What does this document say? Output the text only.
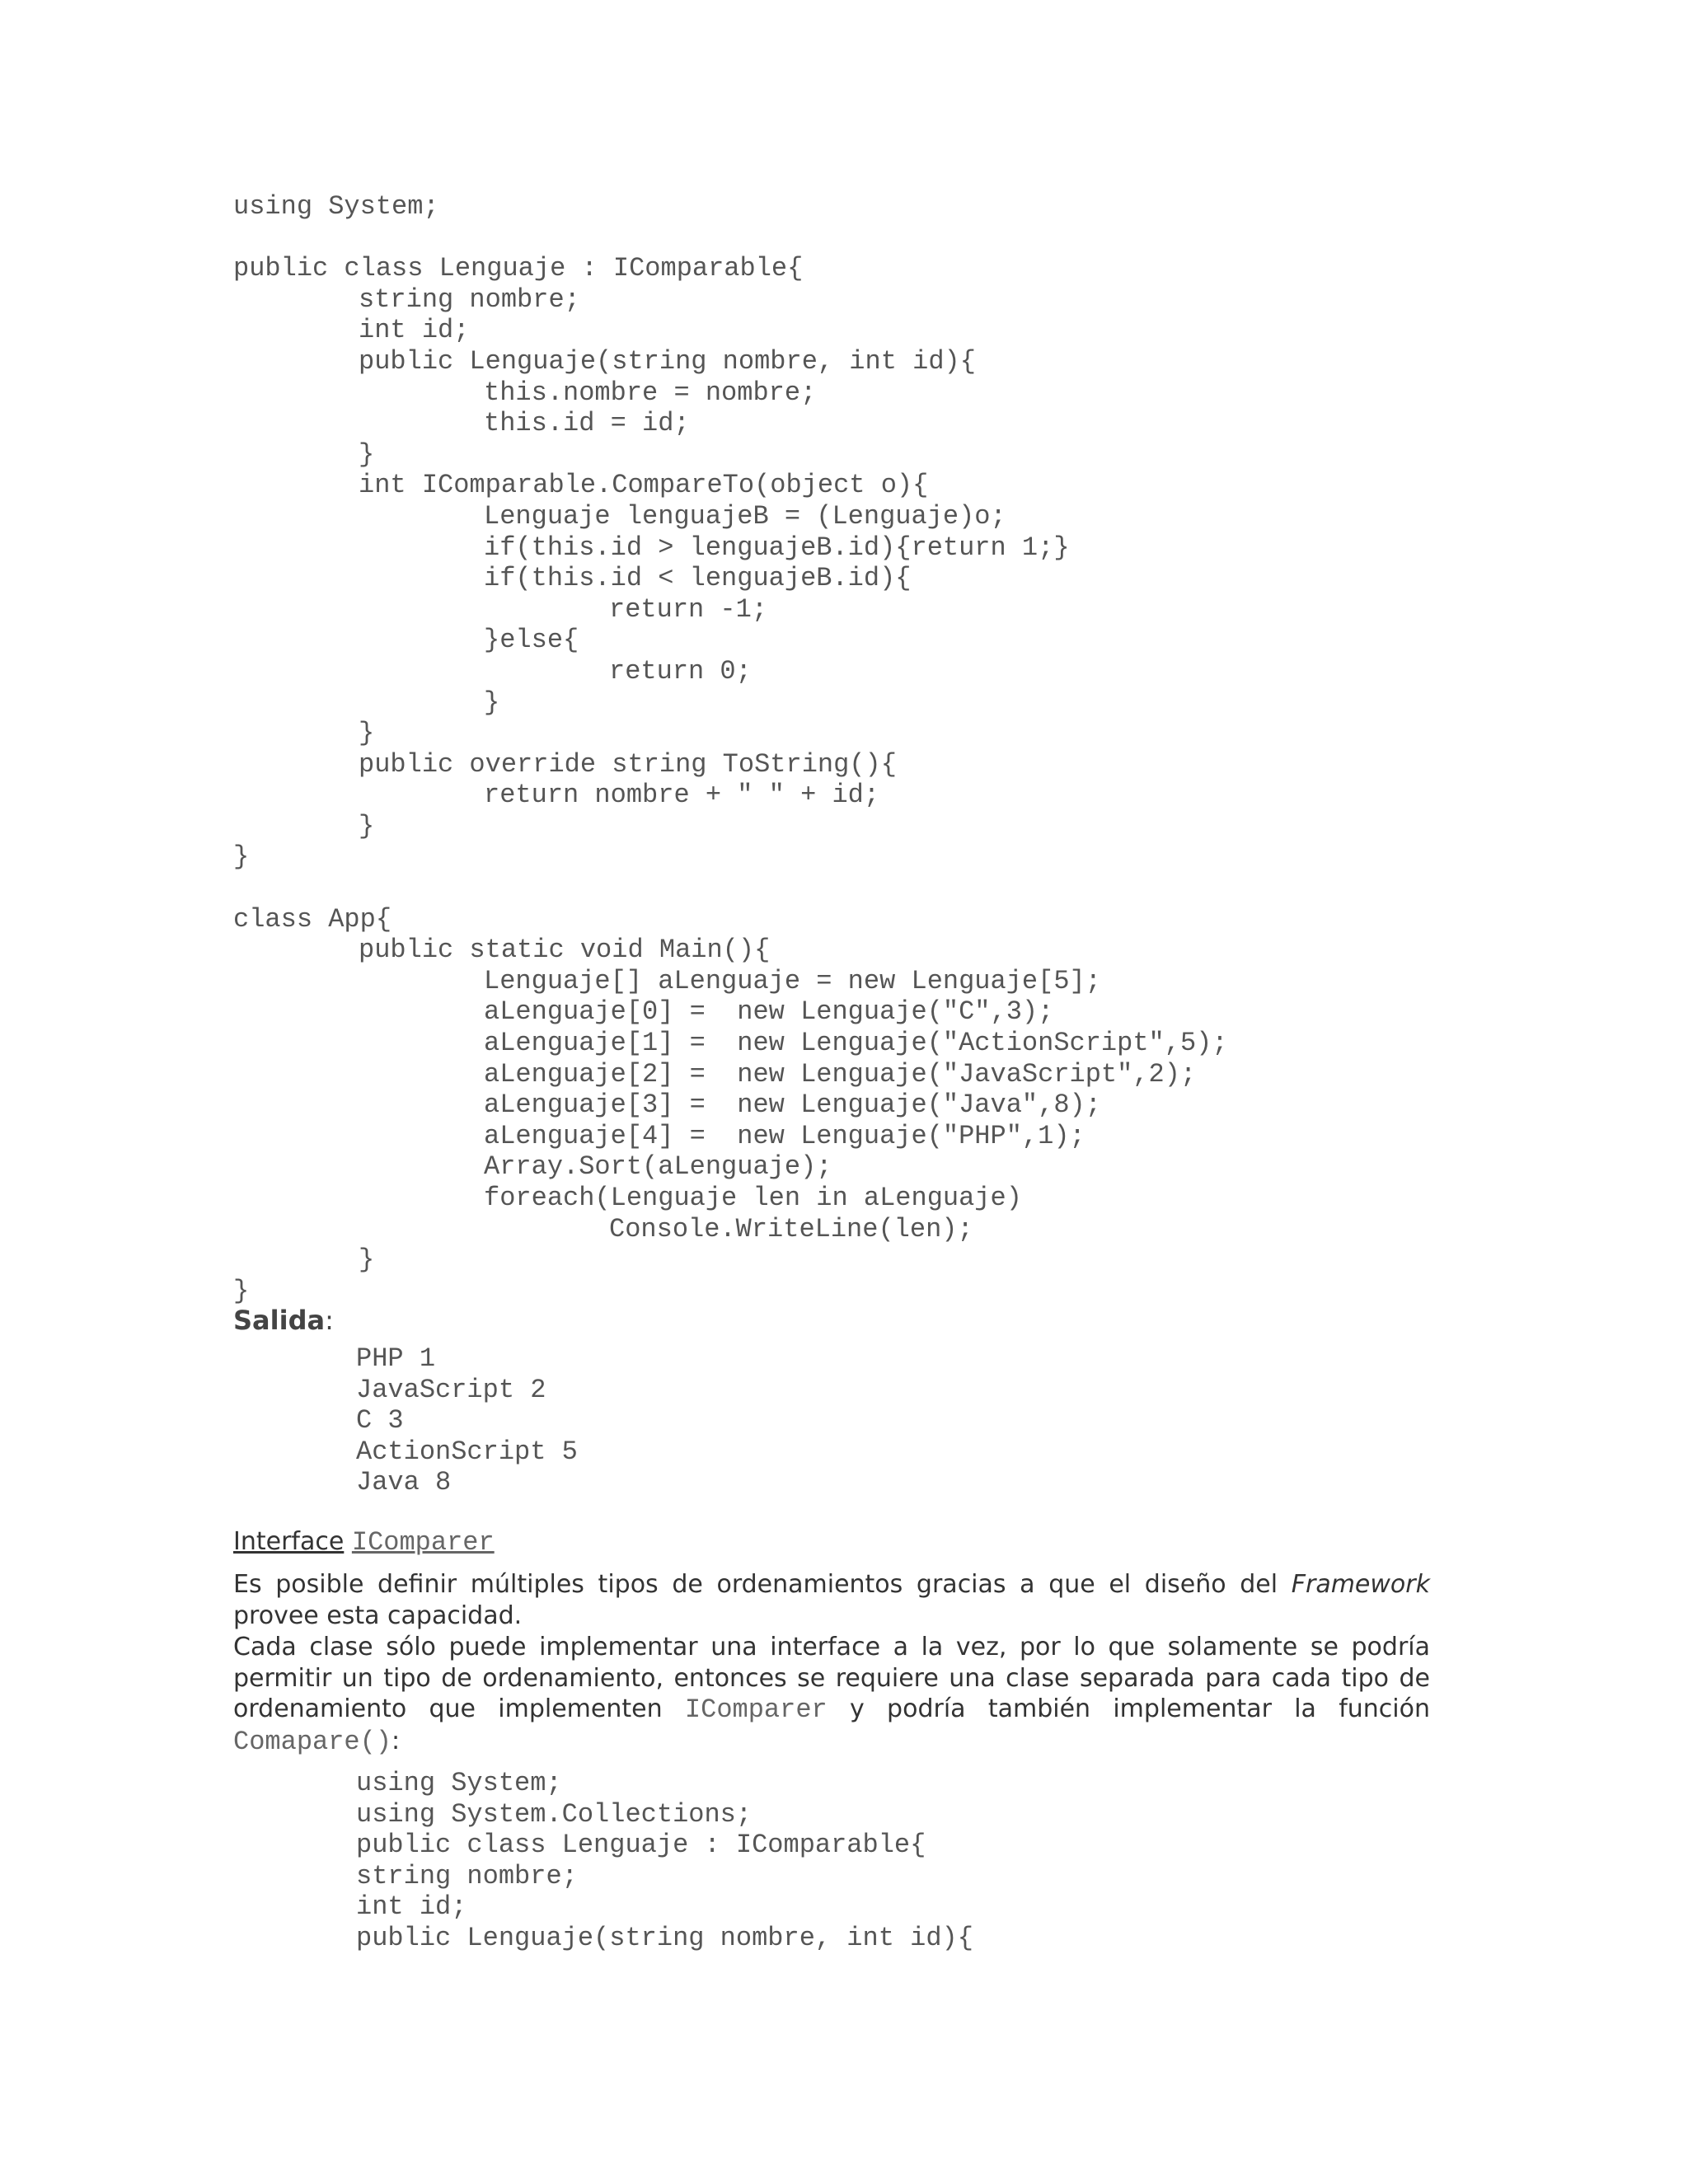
using System;
public class Lenguaje : IComparable{
string nombre;
int id;
public Lenguaje(string nombre, int id){
this.nombre = nombre;
this.id = id;
}
int IComparable.CompareTo(object o){
Lenguaje lenguajeB = (Lenguaje)o;
if(this.id > lenguajeB.id){return 1;}
if(this.id < lenguajeB.id){
return -1;
}else{
return 0;
}
}
public override string ToString(){
return nombre + " " + id;
}
}
class App{
public static void Main(){
Lenguaje[] aLenguaje = new Lenguaje[5];
aLenguaje[0] =  new Lenguaje("C",3);
aLenguaje[1] =  new Lenguaje("ActionScript",5);
aLenguaje[2] =  new Lenguaje("JavaScript",2);
aLenguaje[3] =  new Lenguaje("Java",8);
aLenguaje[4] =  new Lenguaje("PHP",1);
Array.Sort(aLenguaje);
foreach(Lenguaje len in aLenguaje)
Console.WriteLine(len);
}
}
Salida:
PHP 1
JavaScript 2
C 3
ActionScript 5
Java 8
Interface IComparer
Es posible definir múltiples tipos de ordenamientos gracias a que el diseño del Framework provee esta capacidad.
Cada clase sólo puede implementar una interface a la vez, por lo que solamente se podría permitir un tipo de ordenamiento, entonces se requiere una clase separada para cada tipo de ordenamiento que implementen IComparer y podría también implementar la función Comapare():
using System;
using System.Collections;
public class Lenguaje : IComparable{
string nombre;
int id;
public Lenguaje(string nombre, int id){
